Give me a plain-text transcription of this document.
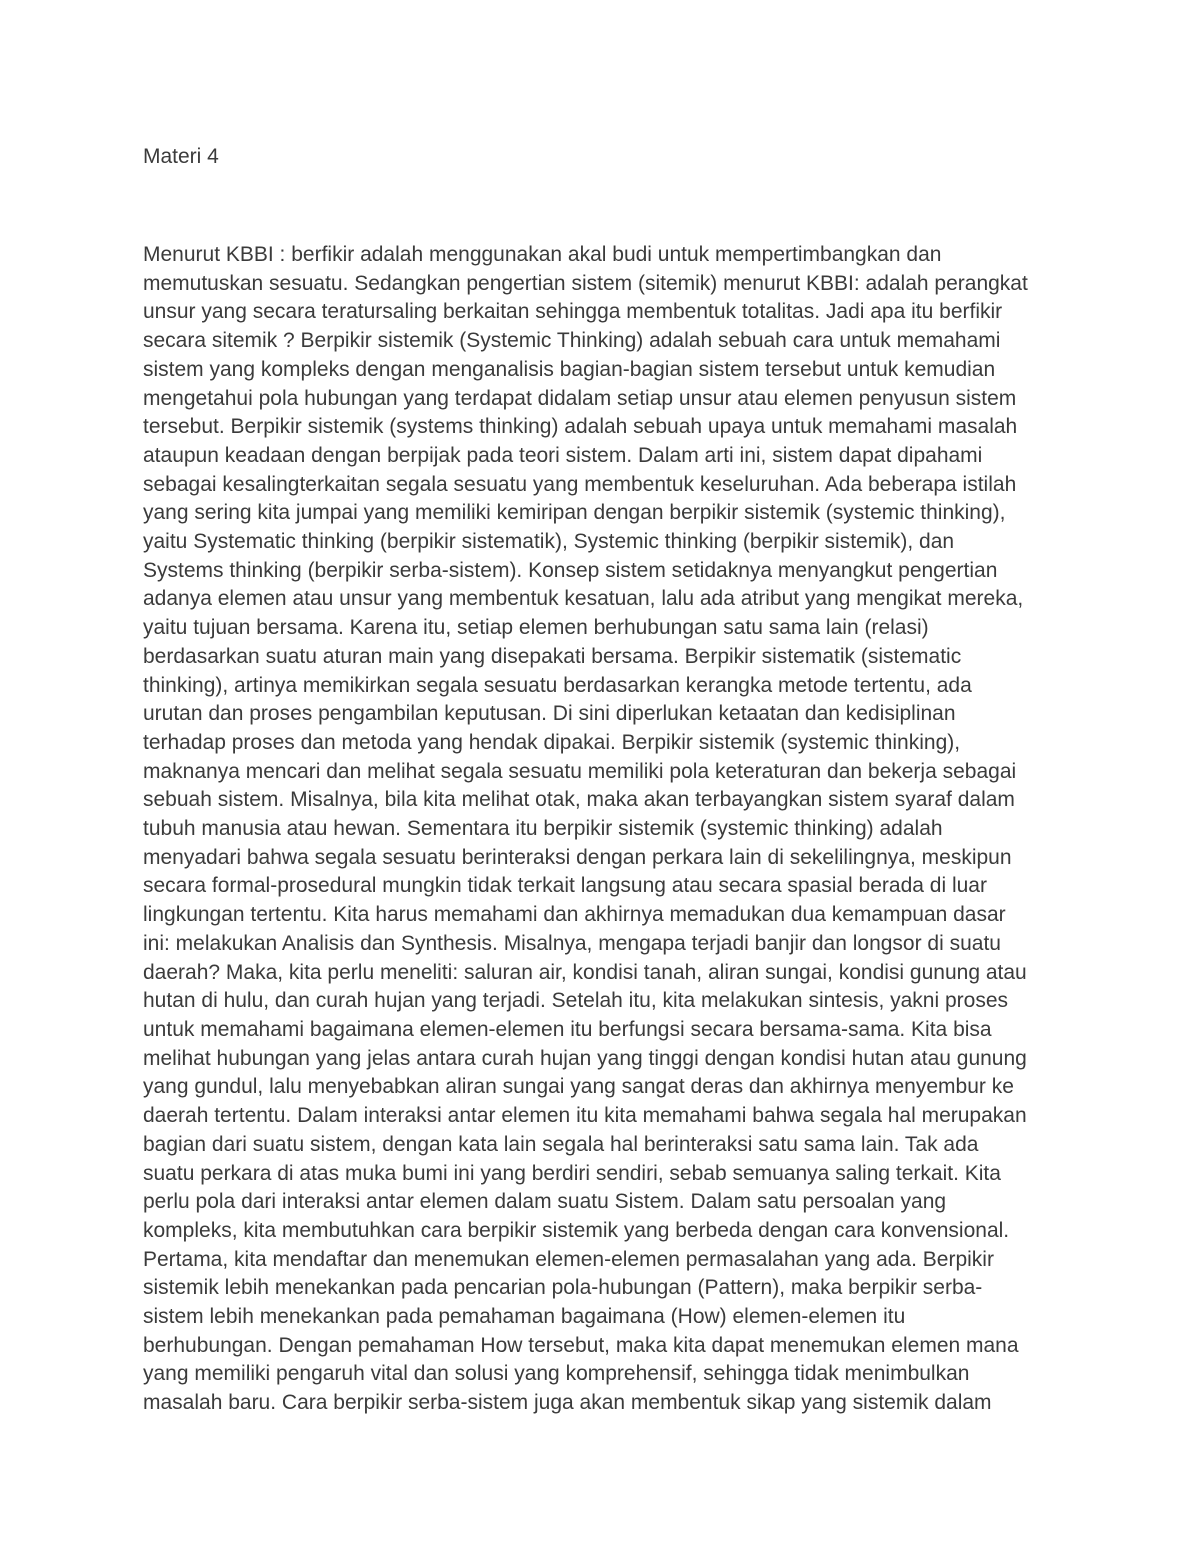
Materi 4
Menurut KBBI : berfikir adalah menggunakan akal budi untuk mempertimbangkan dan
memutuskan sesuatu. Sedangkan pengertian sistem (sitemik) menurut KBBI: adalah perangkat
unsur yang secara teratursaling berkaitan sehingga membentuk totalitas. Jadi apa itu berfikir
secara sitemik ? Berpikir sistemik (Systemic Thinking) adalah sebuah cara untuk memahami
sistem yang kompleks dengan menganalisis bagian-bagian sistem tersebut untuk kemudian
mengetahui pola hubungan yang terdapat didalam setiap unsur atau elemen penyusun sistem
tersebut. Berpikir sistemik (systems thinking) adalah sebuah upaya untuk memahami masalah
ataupun keadaan dengan berpijak pada teori sistem. Dalam arti ini, sistem dapat dipahami
sebagai kesalingterkaitan segala sesuatu yang membentuk keseluruhan. Ada beberapa istilah
yang sering kita jumpai yang memiliki kemiripan dengan berpikir sistemik (systemic thinking),
yaitu Systematic thinking (berpikir sistematik), Systemic thinking (berpikir sistemik), dan
Systems thinking (berpikir serba-sistem). Konsep sistem setidaknya menyangkut pengertian
adanya elemen atau unsur yang membentuk kesatuan, lalu ada atribut yang mengikat mereka,
yaitu tujuan bersama. Karena itu, setiap elemen berhubungan satu sama lain (relasi)
berdasarkan suatu aturan main yang disepakati bersama. Berpikir sistematik (sistematic
thinking), artinya memikirkan segala sesuatu berdasarkan kerangka metode tertentu, ada
urutan dan proses pengambilan keputusan. Di sini diperlukan ketaatan dan kedisiplinan
terhadap proses dan metoda yang hendak dipakai. Berpikir sistemik (systemic thinking),
maknanya mencari dan melihat segala sesuatu memiliki pola keteraturan dan bekerja sebagai
sebuah sistem. Misalnya, bila kita melihat otak, maka akan terbayangkan sistem syaraf dalam
tubuh manusia atau hewan. Sementara itu berpikir sistemik (systemic thinking) adalah
menyadari bahwa segala sesuatu berinteraksi dengan perkara lain di sekelilingnya, meskipun
secara formal-prosedural mungkin tidak terkait langsung atau secara spasial berada di luar
lingkungan tertentu. Kita harus memahami dan akhirnya memadukan dua kemampuan dasar
ini: melakukan Analisis dan Synthesis. Misalnya, mengapa terjadi banjir dan longsor di suatu
daerah? Maka, kita perlu meneliti: saluran air, kondisi tanah, aliran sungai, kondisi gunung atau
hutan di hulu, dan curah hujan yang terjadi. Setelah itu, kita melakukan sintesis, yakni proses
untuk memahami bagaimana elemen-elemen itu berfungsi secara bersama-sama. Kita bisa
melihat hubungan yang jelas antara curah hujan yang tinggi dengan kondisi hutan atau gunung
yang gundul, lalu menyebabkan aliran sungai yang sangat deras dan akhirnya menyembur ke
daerah tertentu. Dalam interaksi antar elemen itu kita memahami bahwa segala hal merupakan
bagian dari suatu sistem, dengan kata lain segala hal berinteraksi satu sama lain. Tak ada
suatu perkara di atas muka bumi ini yang berdiri sendiri, sebab semuanya saling terkait. Kita
perlu pola dari interaksi antar elemen dalam suatu Sistem. Dalam satu persoalan yang
kompleks, kita membutuhkan cara berpikir sistemik yang berbeda dengan cara konvensional.
Pertama, kita mendaftar dan menemukan elemen-elemen permasalahan yang ada. Berpikir
sistemik lebih menekankan pada pencarian pola-hubungan (Pattern), maka berpikir serba-
sistem lebih menekankan pada pemahaman bagaimana (How) elemen-elemen itu
berhubungan. Dengan pemahaman How tersebut, maka kita dapat menemukan elemen mana
yang memiliki pengaruh vital dan solusi yang komprehensif, sehingga tidak menimbulkan
masalah baru. Cara berpikir serba-sistem juga akan membentuk sikap yang sistemik dalam
